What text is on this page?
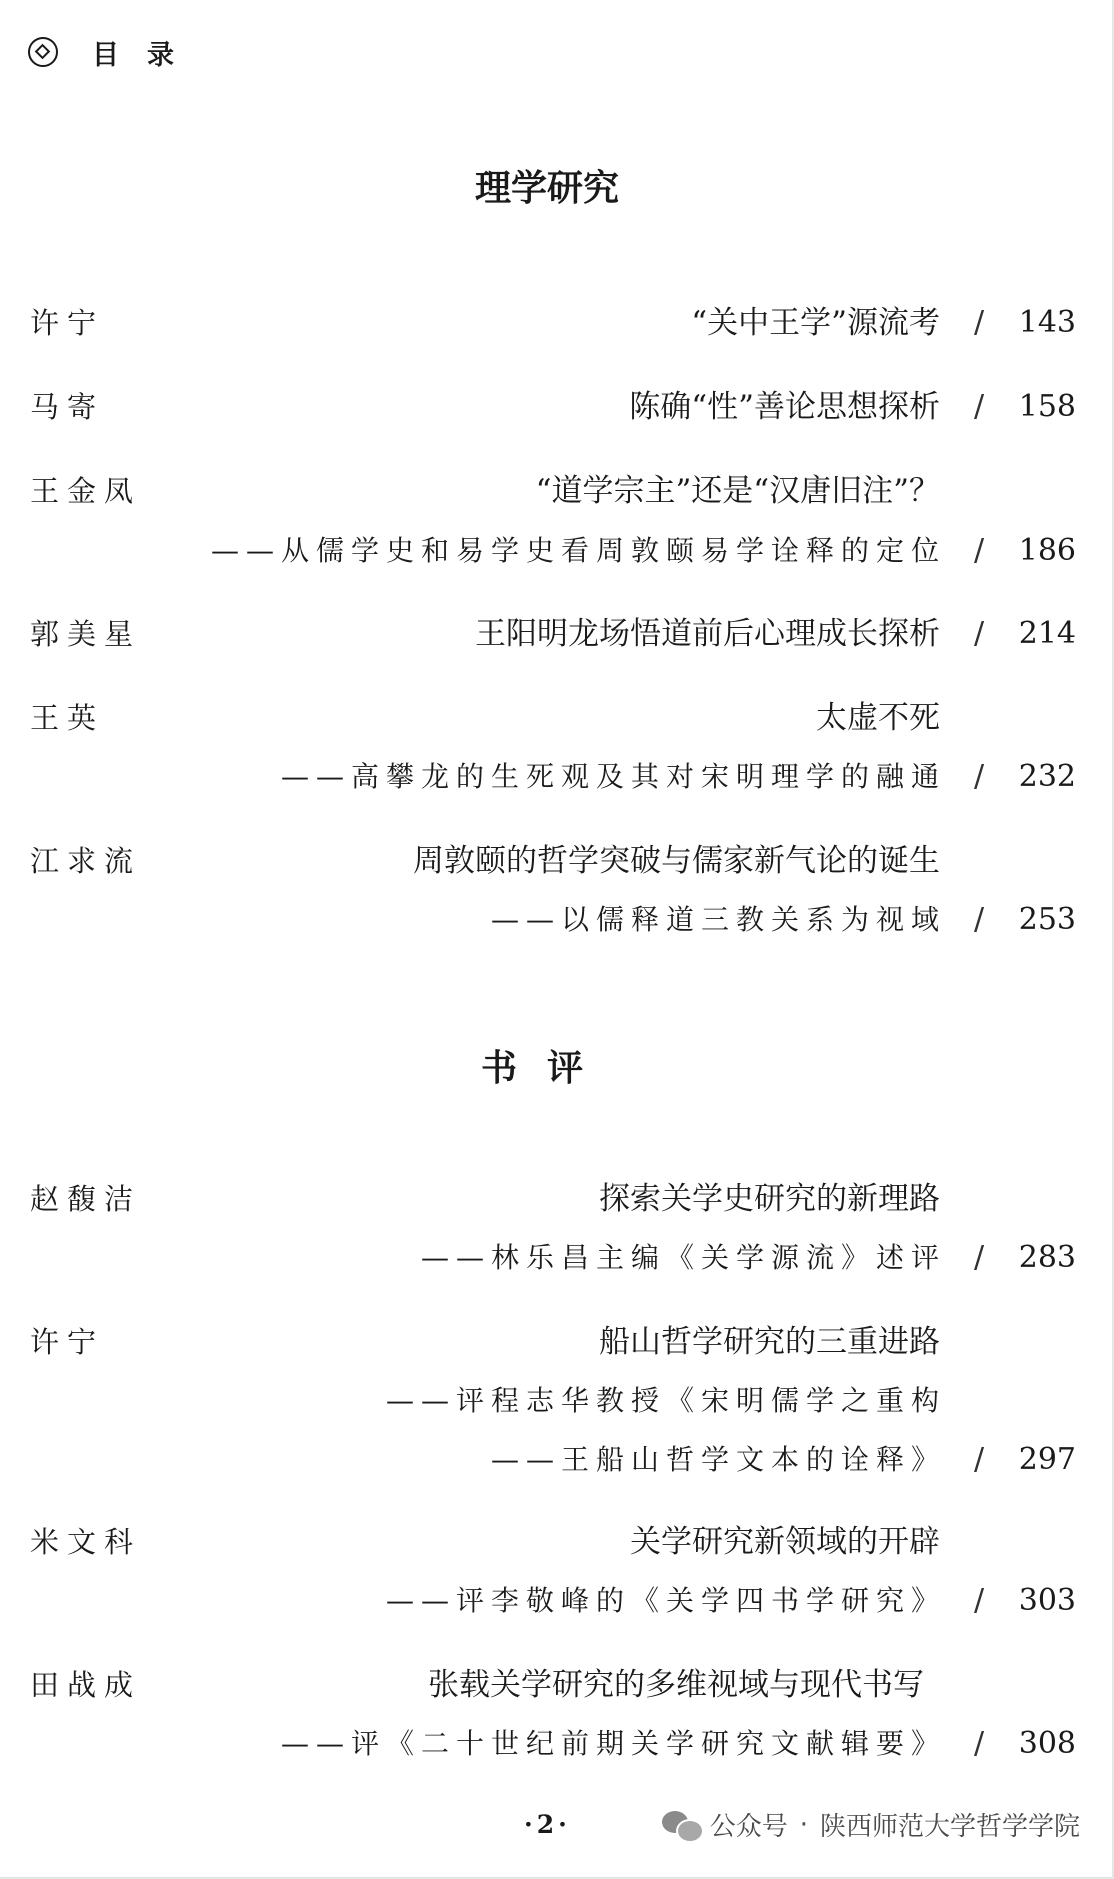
目录
理学研究
许宁	“关中王学”源流考 / 143
马寄	陈确“性”善论思想探析 / 158
王金凤	“道学宗主”还是“汉唐旧注”？
——从儒学史和易学史看周敦颐易学诠释的定位 / 186
郭美星	王阳明龙场悟道前后心理成长探析 / 214
王英	太虚不死
——高攀龙的生死观及其对宋明理学的融通 / 232
江求流	周敦颐的哲学突破与儒家新气论的诞生
——以儒释道三教关系为视域 / 253
书评
赵馥洁	探索关学史研究的新理路
——林乐昌主编《关学源流》述评 / 283
许宁	船山哲学研究的三重进路
——评程志华教授《宋明儒学之重构
——王船山哲学文本的诠释》 / 297
米文科	关学研究新领域的开辟
——评李敬峰的《关学四书学研究》 / 303
田战成	张载关学研究的多维视域与现代书写
——评《二十世纪前期关学研究文献辑要》 / 308
·2·	公众号 · 陕西师范大学哲学学院
